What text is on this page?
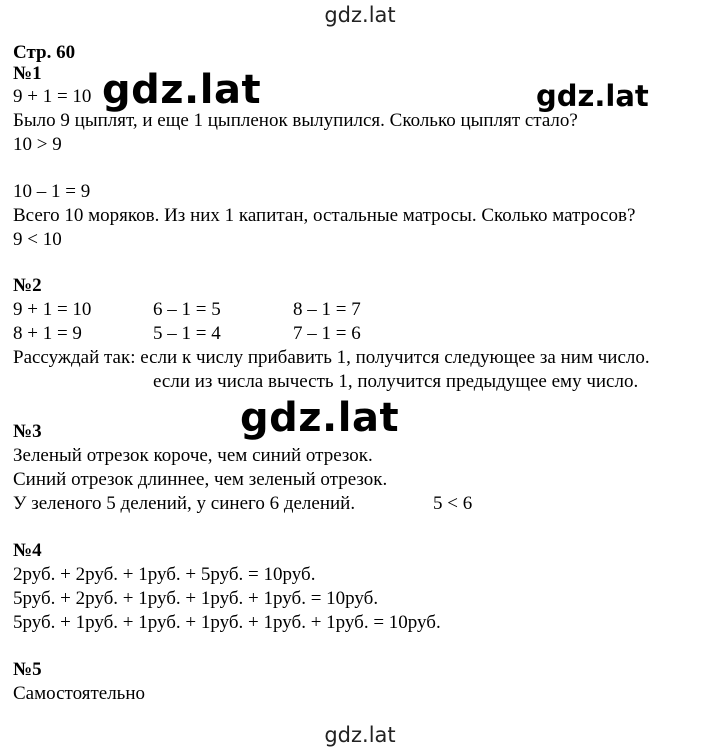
gdz.lat
gdz.lat	gdz.lat
gdz.lat
Стр. 60
№1
9 + 1 = 10
Было 9 цыплят, и еще 1 цыпленок вылупился. Сколько цыплят стало?
10 > 9
10 – 1 = 9
Всего 10 моряков. Из них 1 капитан, остальные матросы. Сколько матросов?
9 < 10
№2
9 + 1 = 10	6 – 1 = 5	8 – 1 = 7
8 + 1 = 9	5 – 1 = 4	7 – 1 = 6
Рассуждай так: если к числу прибавить 1, получится следующее за ним число.
если из числа вычесть 1, получится предыдущее ему число.
№3
Зеленый отрезок короче, чем синий отрезок.
Синий отрезок длиннее, чем зеленый отрезок.
У зеленого 5 делений, у синего 6 делений.	5 < 6
№4
2руб. + 2руб. + 1руб. + 5руб. = 10руб.
5руб. + 2руб. + 1руб. + 1руб. + 1руб. = 10руб.
5руб. + 1руб. + 1руб. + 1руб. + 1руб. + 1руб. = 10руб.
№5
Самостоятельно
gdz.lat
